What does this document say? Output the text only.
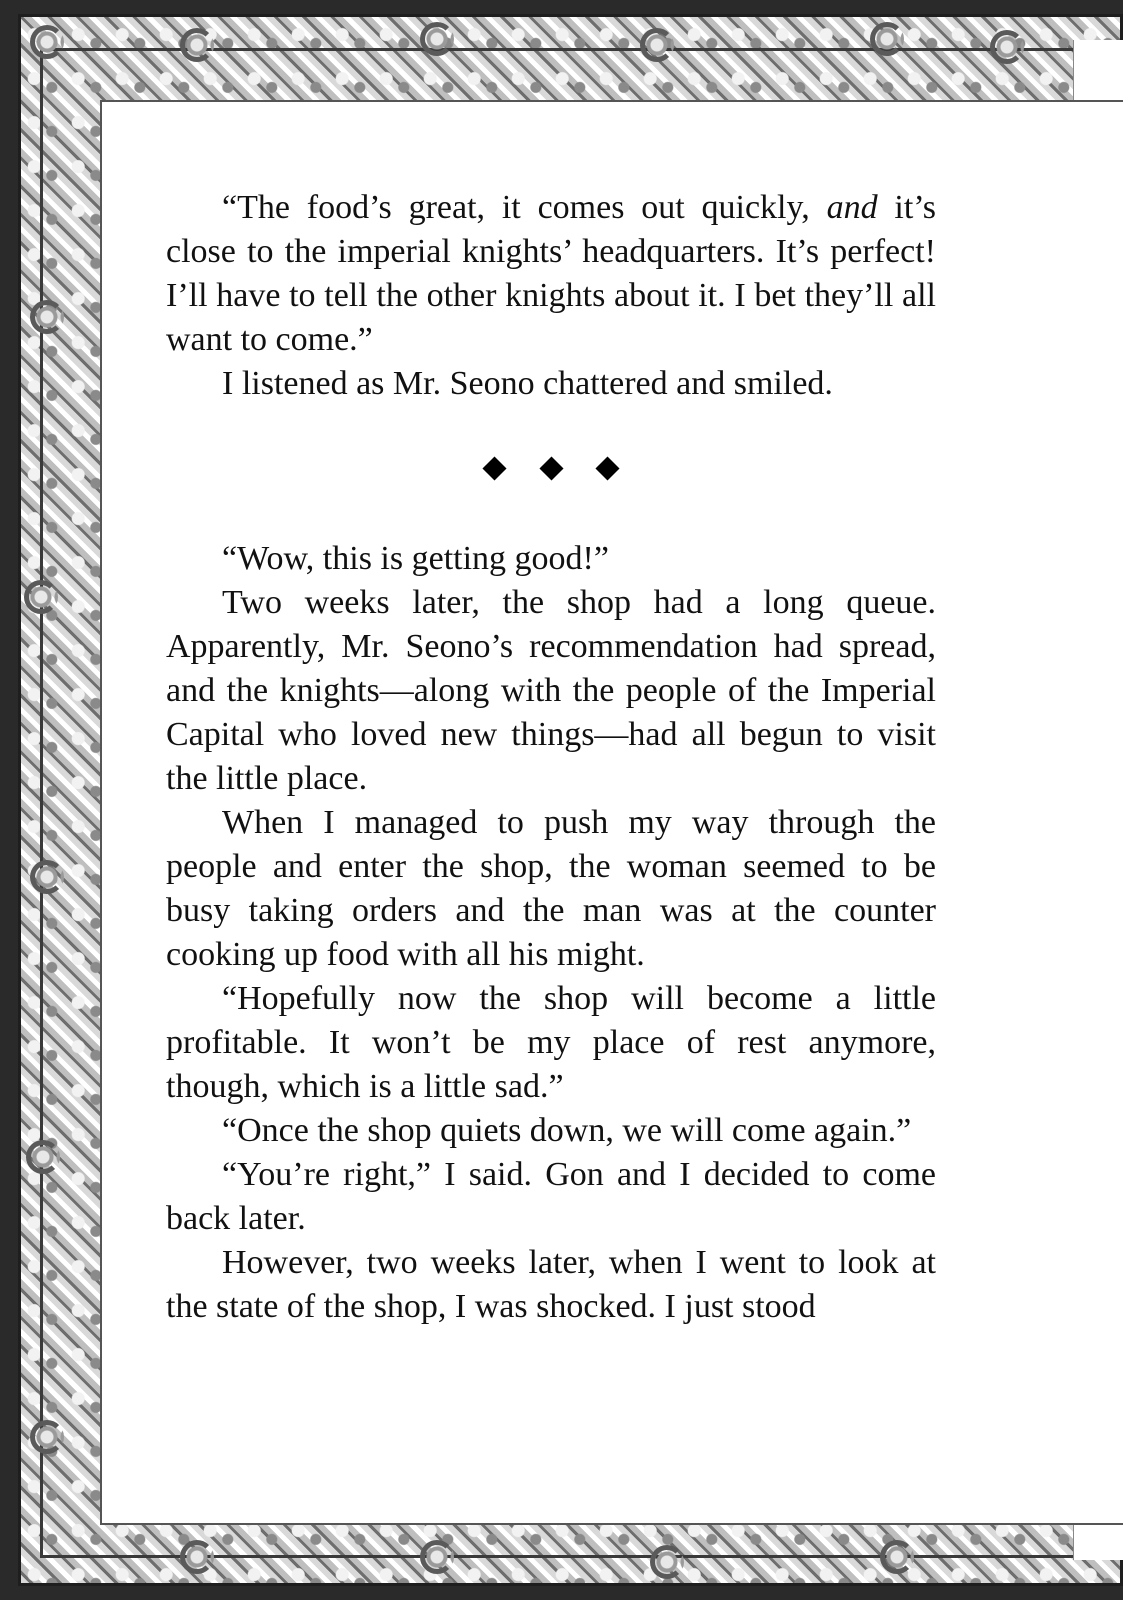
“The food’s great, it comes out quickly, and it’s close to the imperial knights’ headquarters. It’s perfect! I’ll have to tell the other knights about it. I bet they’ll all want to come.”

I listened as Mr. Seono chattered and smiled.

“Wow, this is getting good!”

Two weeks later, the shop had a long queue. Apparently, Mr. Seono’s recommendation had spread, and the knights—along with the people of the Imperial Capital who loved new things—had all begun to visit the little place.

When I managed to push my way through the people and enter the shop, the woman seemed to be busy taking orders and the man was at the counter cooking up food with all his might.

“Hopefully now the shop will become a little profitable. It won’t be my place of rest anymore, though, which is a little sad.”

“Once the shop quiets down, we will come again.”

“You’re right,” I said. Gon and I decided to come back later.

However, two weeks later, when I went to look at the state of the shop, I was shocked. I just stood
